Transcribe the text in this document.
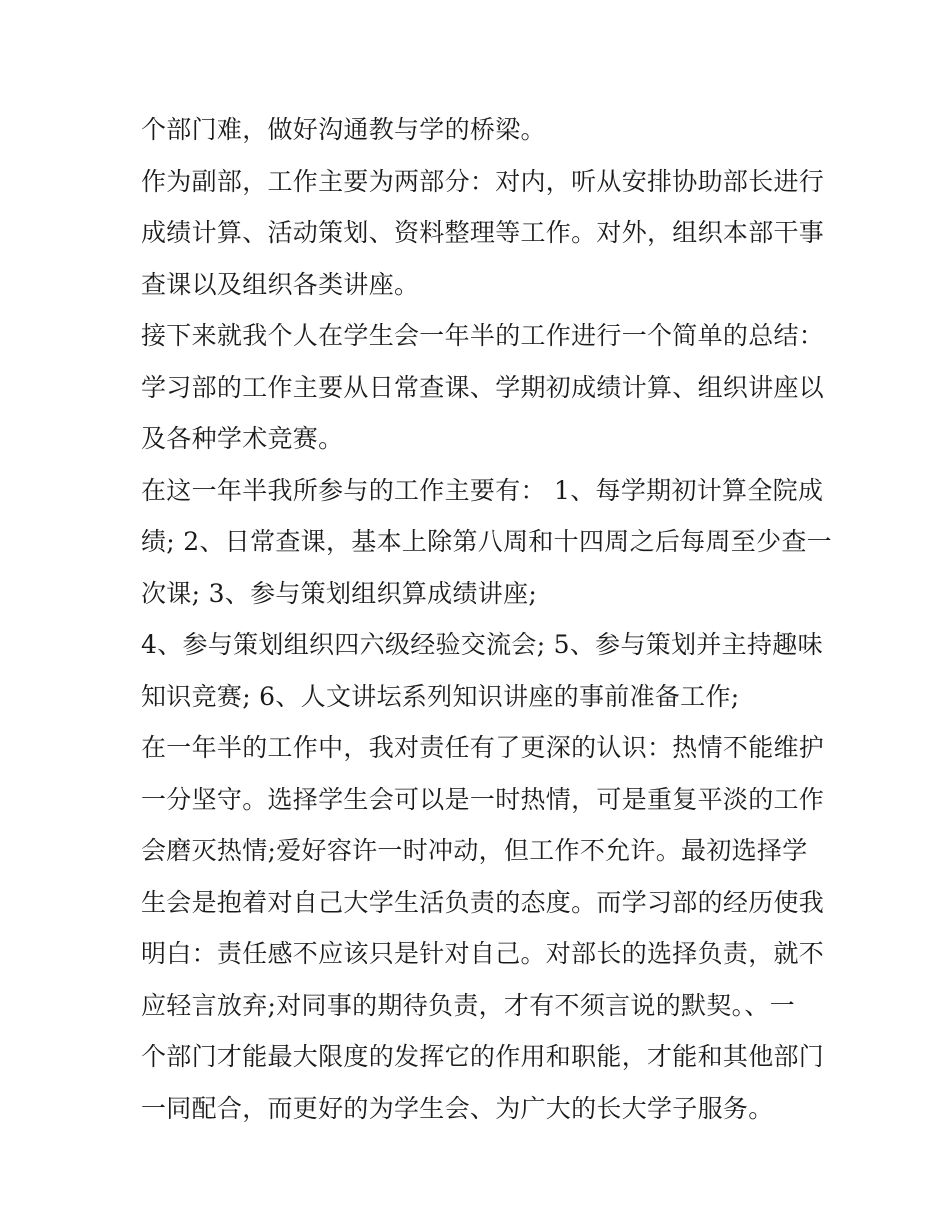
个部门难，做好沟通教与学的桥梁。
作为副部，工作主要为两部分：对内，听从安排协助部长进行
成绩计算、活动策划、资料整理等工作。对外，组织本部干事
查课以及组织各类讲座。
接下来就我个人在学生会一年半的工作进行一个简单的总结：
学习部的工作主要从日常查课、学期初成绩计算、组织讲座以
及各种学术竞赛。
在这一年半我所参与的工作主要有： 1、每学期初计算全院成
绩; 2、日常查课，基本上除第八周和十四周之后每周至少查一
次课; 3、参与策划组织算成绩讲座;
4、参与策划组织四六级经验交流会; 5、参与策划并主持趣味
知识竞赛; 6、人文讲坛系列知识讲座的事前准备工作;
在一年半的工作中，我对责任有了更深的认识：热情不能维护
一分坚守。选择学生会可以是一时热情，可是重复平淡的工作
会磨灭热情;爱好容许一时冲动，但工作不允许。最初选择学
生会是抱着对自己大学生活负责的态度。而学习部的经历使我
明白：责任感不应该只是针对自己。对部长的选择负责，就不
应轻言放弃;对同事的期待负责，才有不须言说的默契。、一
个部门才能最大限度的发挥它的作用和职能，才能和其他部门
一同配合，而更好的为学生会、为广大的长大学子服务。
